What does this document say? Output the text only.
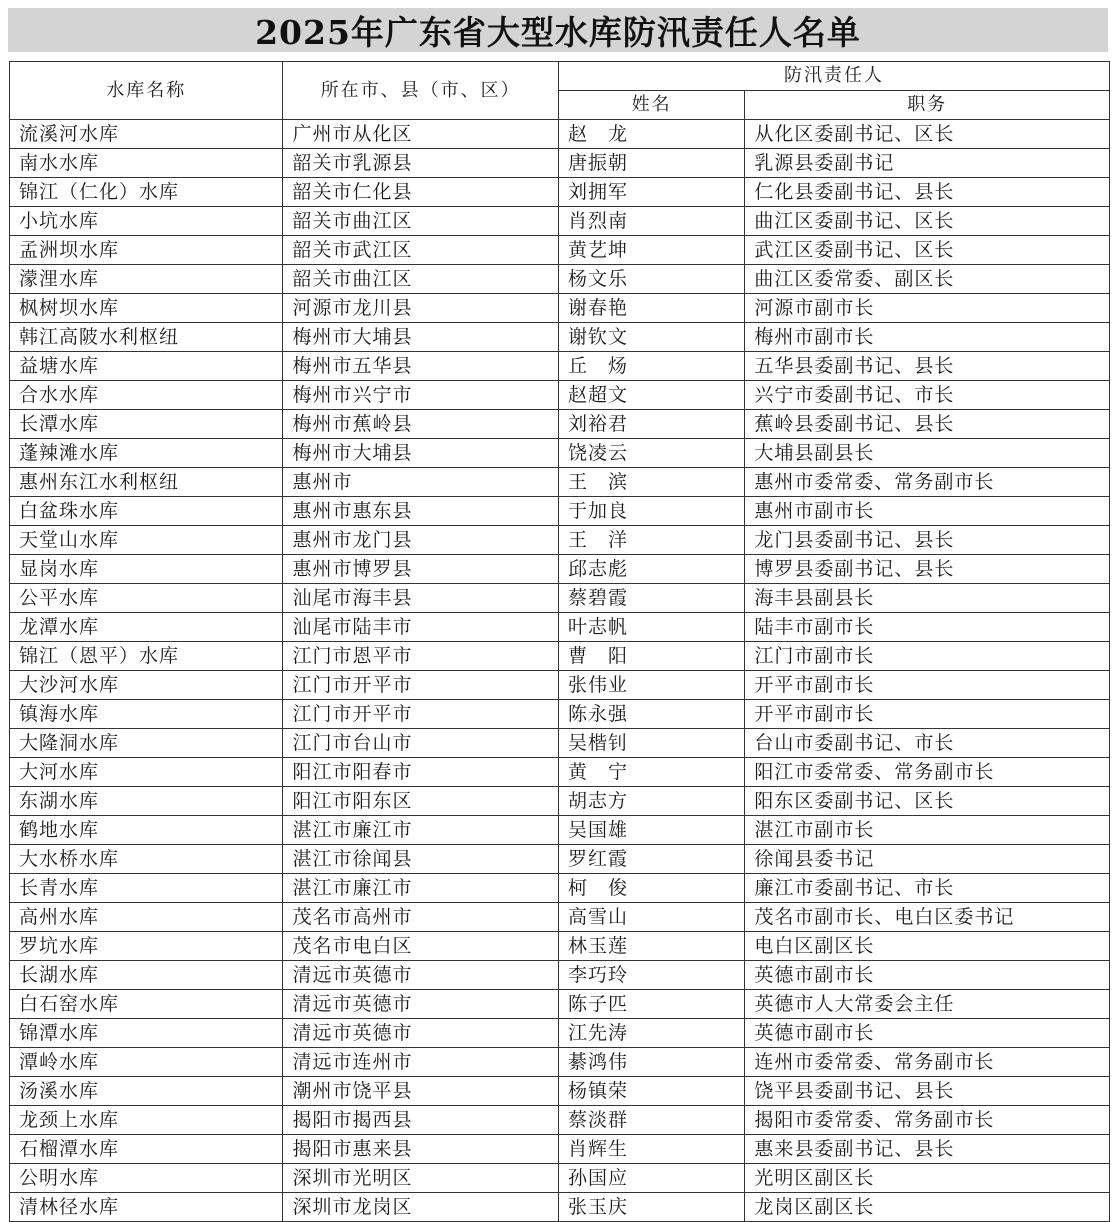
2025年广东省大型水库防汛责任人名单
水库名称	所在市、县（市、区）	防汛责任人	
		姓名	职务
流溪河水库	广州市从化区	赵　龙	从化区委副书记、区长
南水水库	韶关市乳源县	唐振朝	乳源县委副书记
锦江（仁化）水库	韶关市仁化县	刘拥军	仁化县委副书记、县长
小坑水库	韶关市曲江区	肖烈南	曲江区委副书记、区长
孟洲坝水库	韶关市武江区	黄艺坤	武江区委副书记、区长
濛浬水库	韶关市曲江区	杨文乐	曲江区委常委、副区长
枫树坝水库	河源市龙川县	谢春艳	河源市副市长
韩江高陂水利枢纽	梅州市大埔县	谢钦文	梅州市副市长
益塘水库	梅州市五华县	丘　炀	五华县委副书记、县长
合水水库	梅州市兴宁市	赵超文	兴宁市委副书记、市长
长潭水库	梅州市蕉岭县	刘裕君	蕉岭县委副书记、县长
蓬辣滩水库	梅州市大埔县	饶凌云	大埔县副县长
惠州东江水利枢纽	惠州市	王　滨	惠州市委常委、常务副市长
白盆珠水库	惠州市惠东县	于加良	惠州市副市长
天堂山水库	惠州市龙门县	王　洋	龙门县委副书记、县长
显岗水库	惠州市博罗县	邱志彪	博罗县委副书记、县长
公平水库	汕尾市海丰县	蔡碧霞	海丰县副县长
龙潭水库	汕尾市陆丰市	叶志帆	陆丰市副市长
锦江（恩平）水库	江门市恩平市	曹　阳	江门市副市长
大沙河水库	江门市开平市	张伟业	开平市副市长
镇海水库	江门市开平市	陈永强	开平市副市长
大隆洞水库	江门市台山市	吴楷钊	台山市委副书记、市长
大河水库	阳江市阳春市	黄　宁	阳江市委常委、常务副市长
东湖水库	阳江市阳东区	胡志方	阳东区委副书记、区长
鹤地水库	湛江市廉江市	吴国雄	湛江市副市长
大水桥水库	湛江市徐闻县	罗红霞	徐闻县委书记
长青水库	湛江市廉江市	柯　俊	廉江市委副书记、市长
高州水库	茂名市高州市	高雪山	茂名市副市长、电白区委书记
罗坑水库	茂名市电白区	林玉莲	电白区副区长
长湖水库	清远市英德市	李巧玲	英德市副市长
白石窑水库	清远市英德市	陈子匹	英德市人大常委会主任
锦潭水库	清远市英德市	江先涛	英德市副市长
潭岭水库	清远市连州市	綦鸿伟	连州市委常委、常务副市长
汤溪水库	潮州市饶平县	杨镇荣	饶平县委副书记、县长
龙颈上水库	揭阳市揭西县	蔡淡群	揭阳市委常委、常务副市长
石榴潭水库	揭阳市惠来县	肖辉生	惠来县委副书记、县长
公明水库	深圳市光明区	孙国应	光明区副区长
清林径水库	深圳市龙岗区	张玉庆	龙岗区副区长
